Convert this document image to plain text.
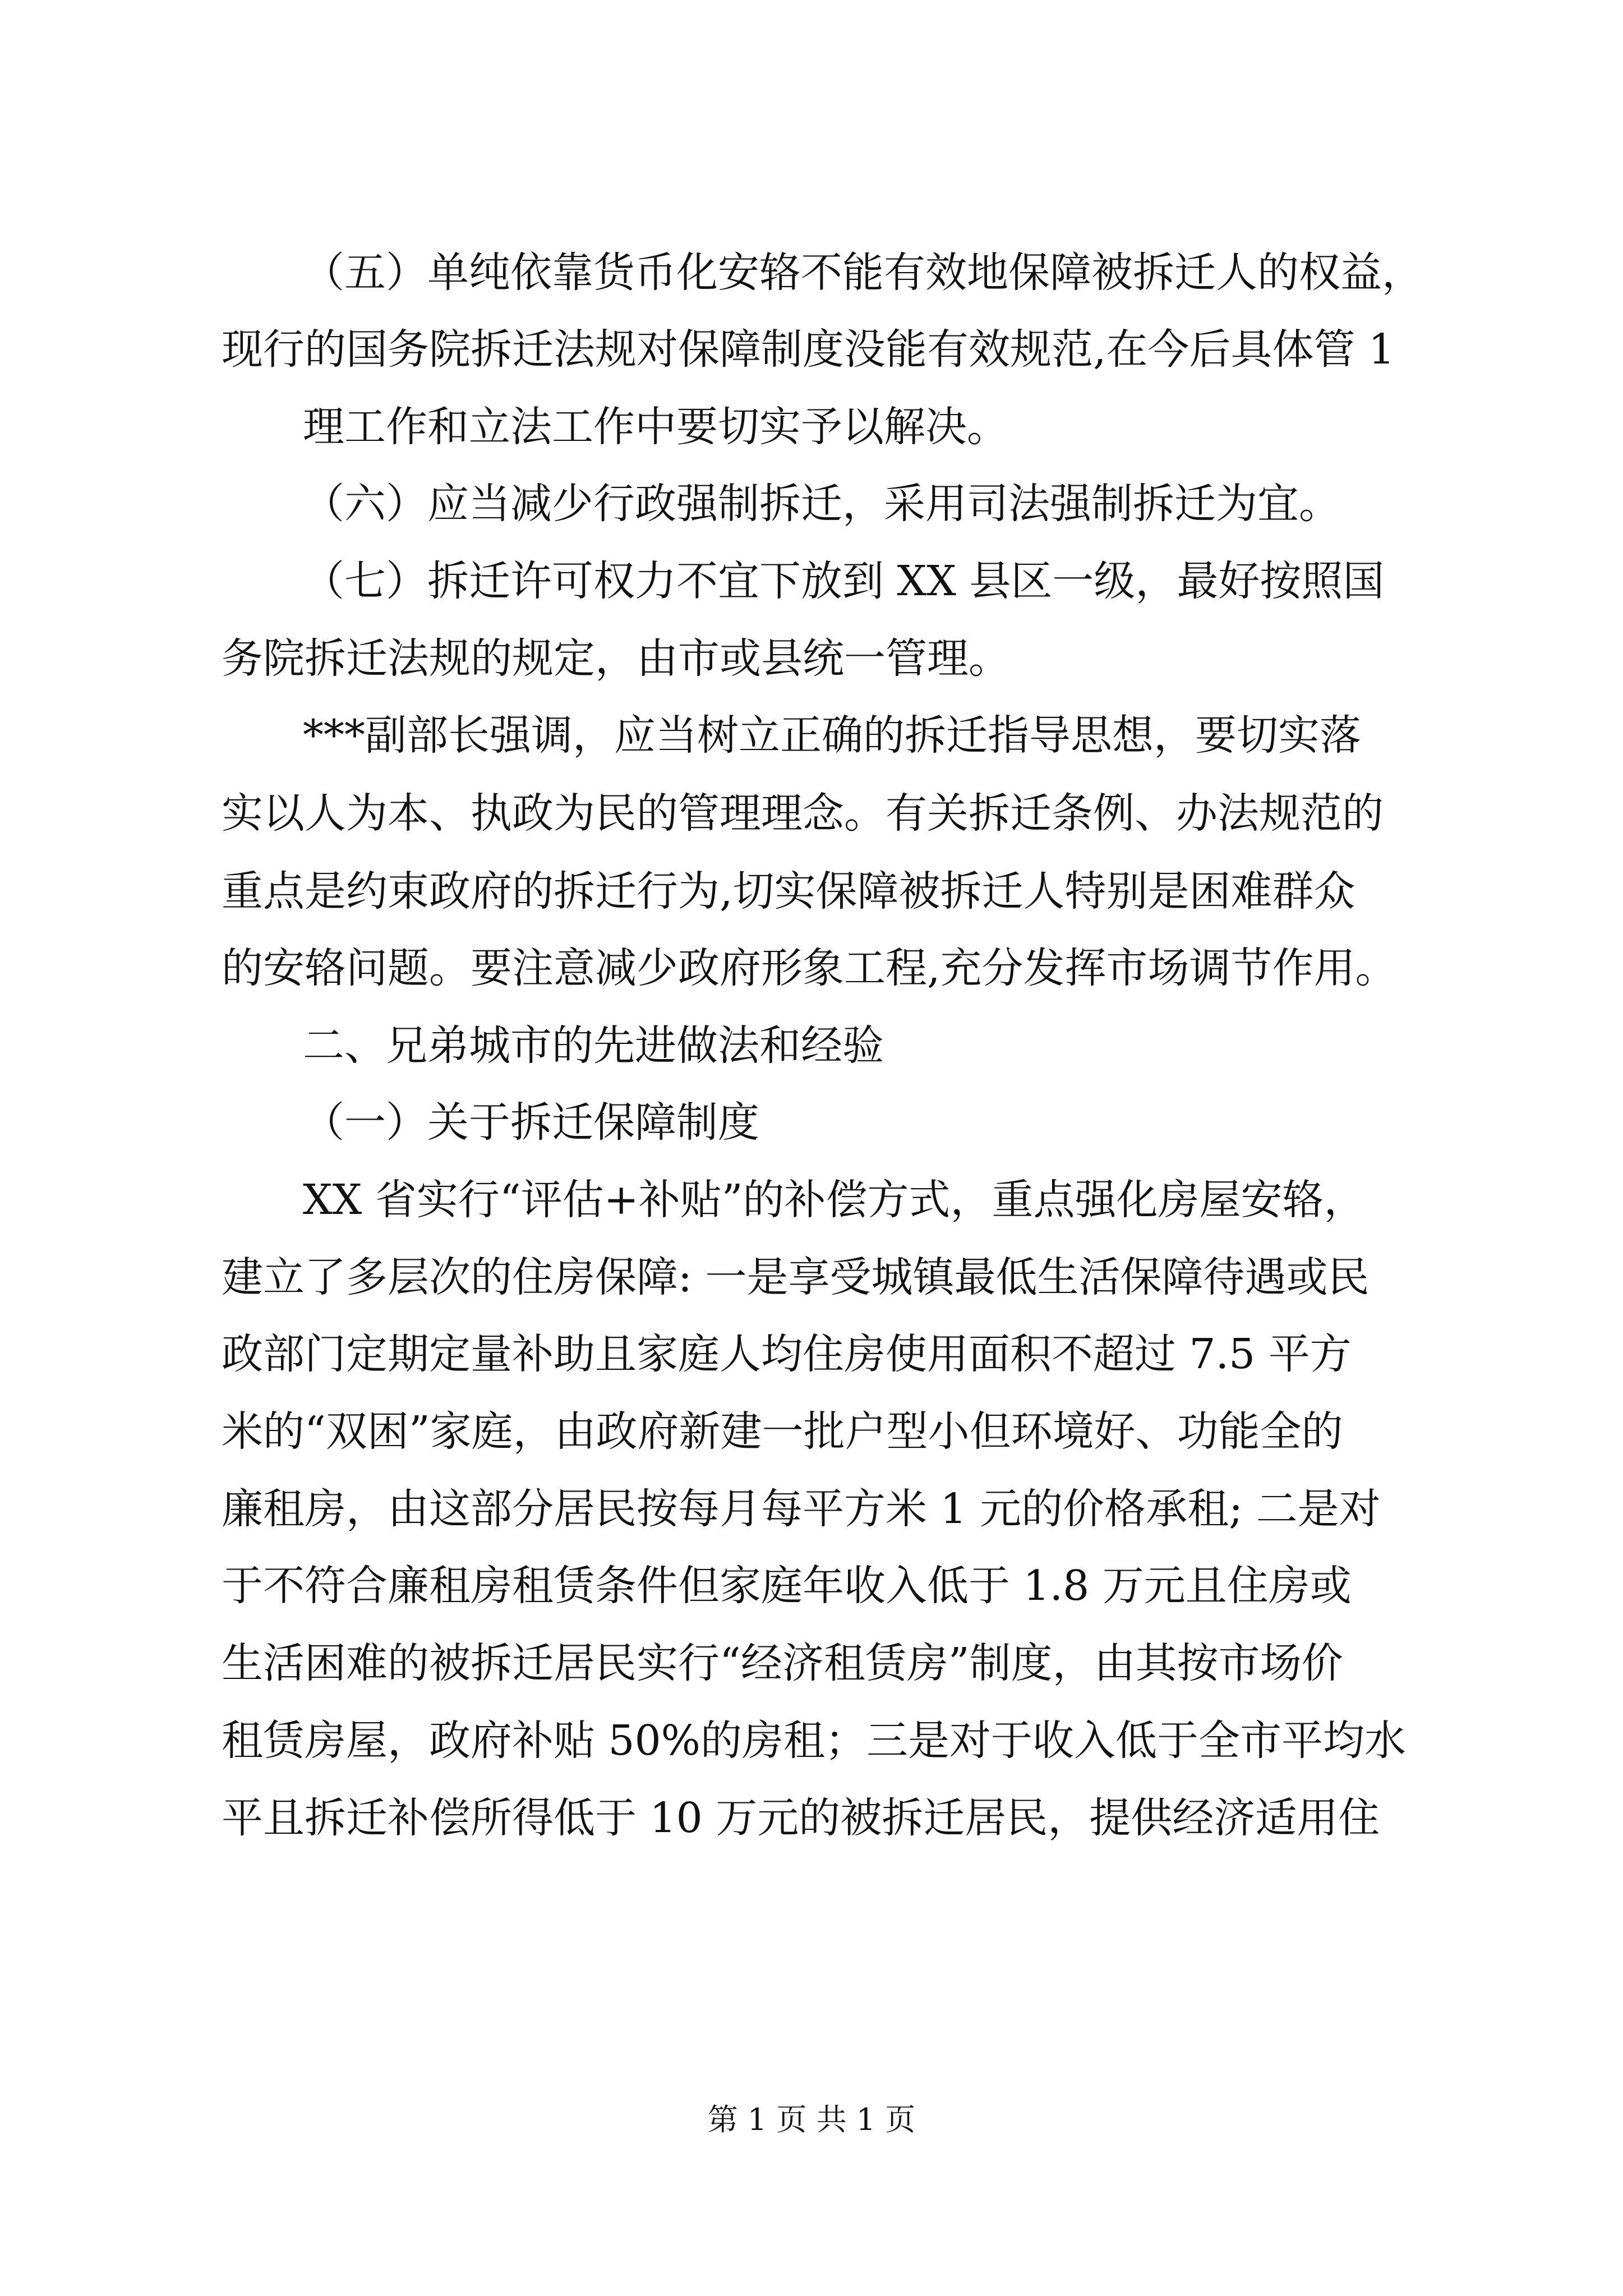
（五）单纯依靠货币化安辂不能有效地保障被拆迁人的权益，
现行的国务院拆迁法规对保障制度没能有效规范,在今后具体管 1
理工作和立法工作中要切实予以解决。
（六）应当减少行政强制拆迁，采用司法强制拆迁为宜。
（七）拆迁许可权力不宜下放到 XX 县区一级，最好按照国
务院拆迁法规的规定，由市或县统一管理。
***副部长强调，应当树立正确的拆迁指导思想，要切实落
实以人为本、执政为民的管理理念。有关拆迁条例、办法规范的
重点是约束政府的拆迁行为,切实保障被拆迁人特别是困难群众
的安辂问题。要注意减少政府形象工程,充分发挥市场调节作用。
二、兄弟城市的先进做法和经验
（一）关于拆迁保障制度
XX 省实行“评估+补贴”的补偿方式，重点强化房屋安辂，
建立了多层次的住房保障: 一是享受城镇最低生活保障待遇或民
政部门定期定量补助且家庭人均住房使用面积不超过 7.5 平方
米的“双困”家庭，由政府新建一批户型小但环境好、功能全的
廉租房，由这部分居民按每月每平方米 1 元的价格承租; 二是对
于不符合廉租房租赁条件但家庭年收入低于 1.8 万元且住房或
生活困难的被拆迁居民实行“经济租赁房”制度，由其按市场价
租赁房屋，政府补贴 50%的房租；三是对于收入低于全市平均水
平且拆迁补偿所得低于 10 万元的被拆迁居民，提供经济适用住
第 1 页 共 1 页
